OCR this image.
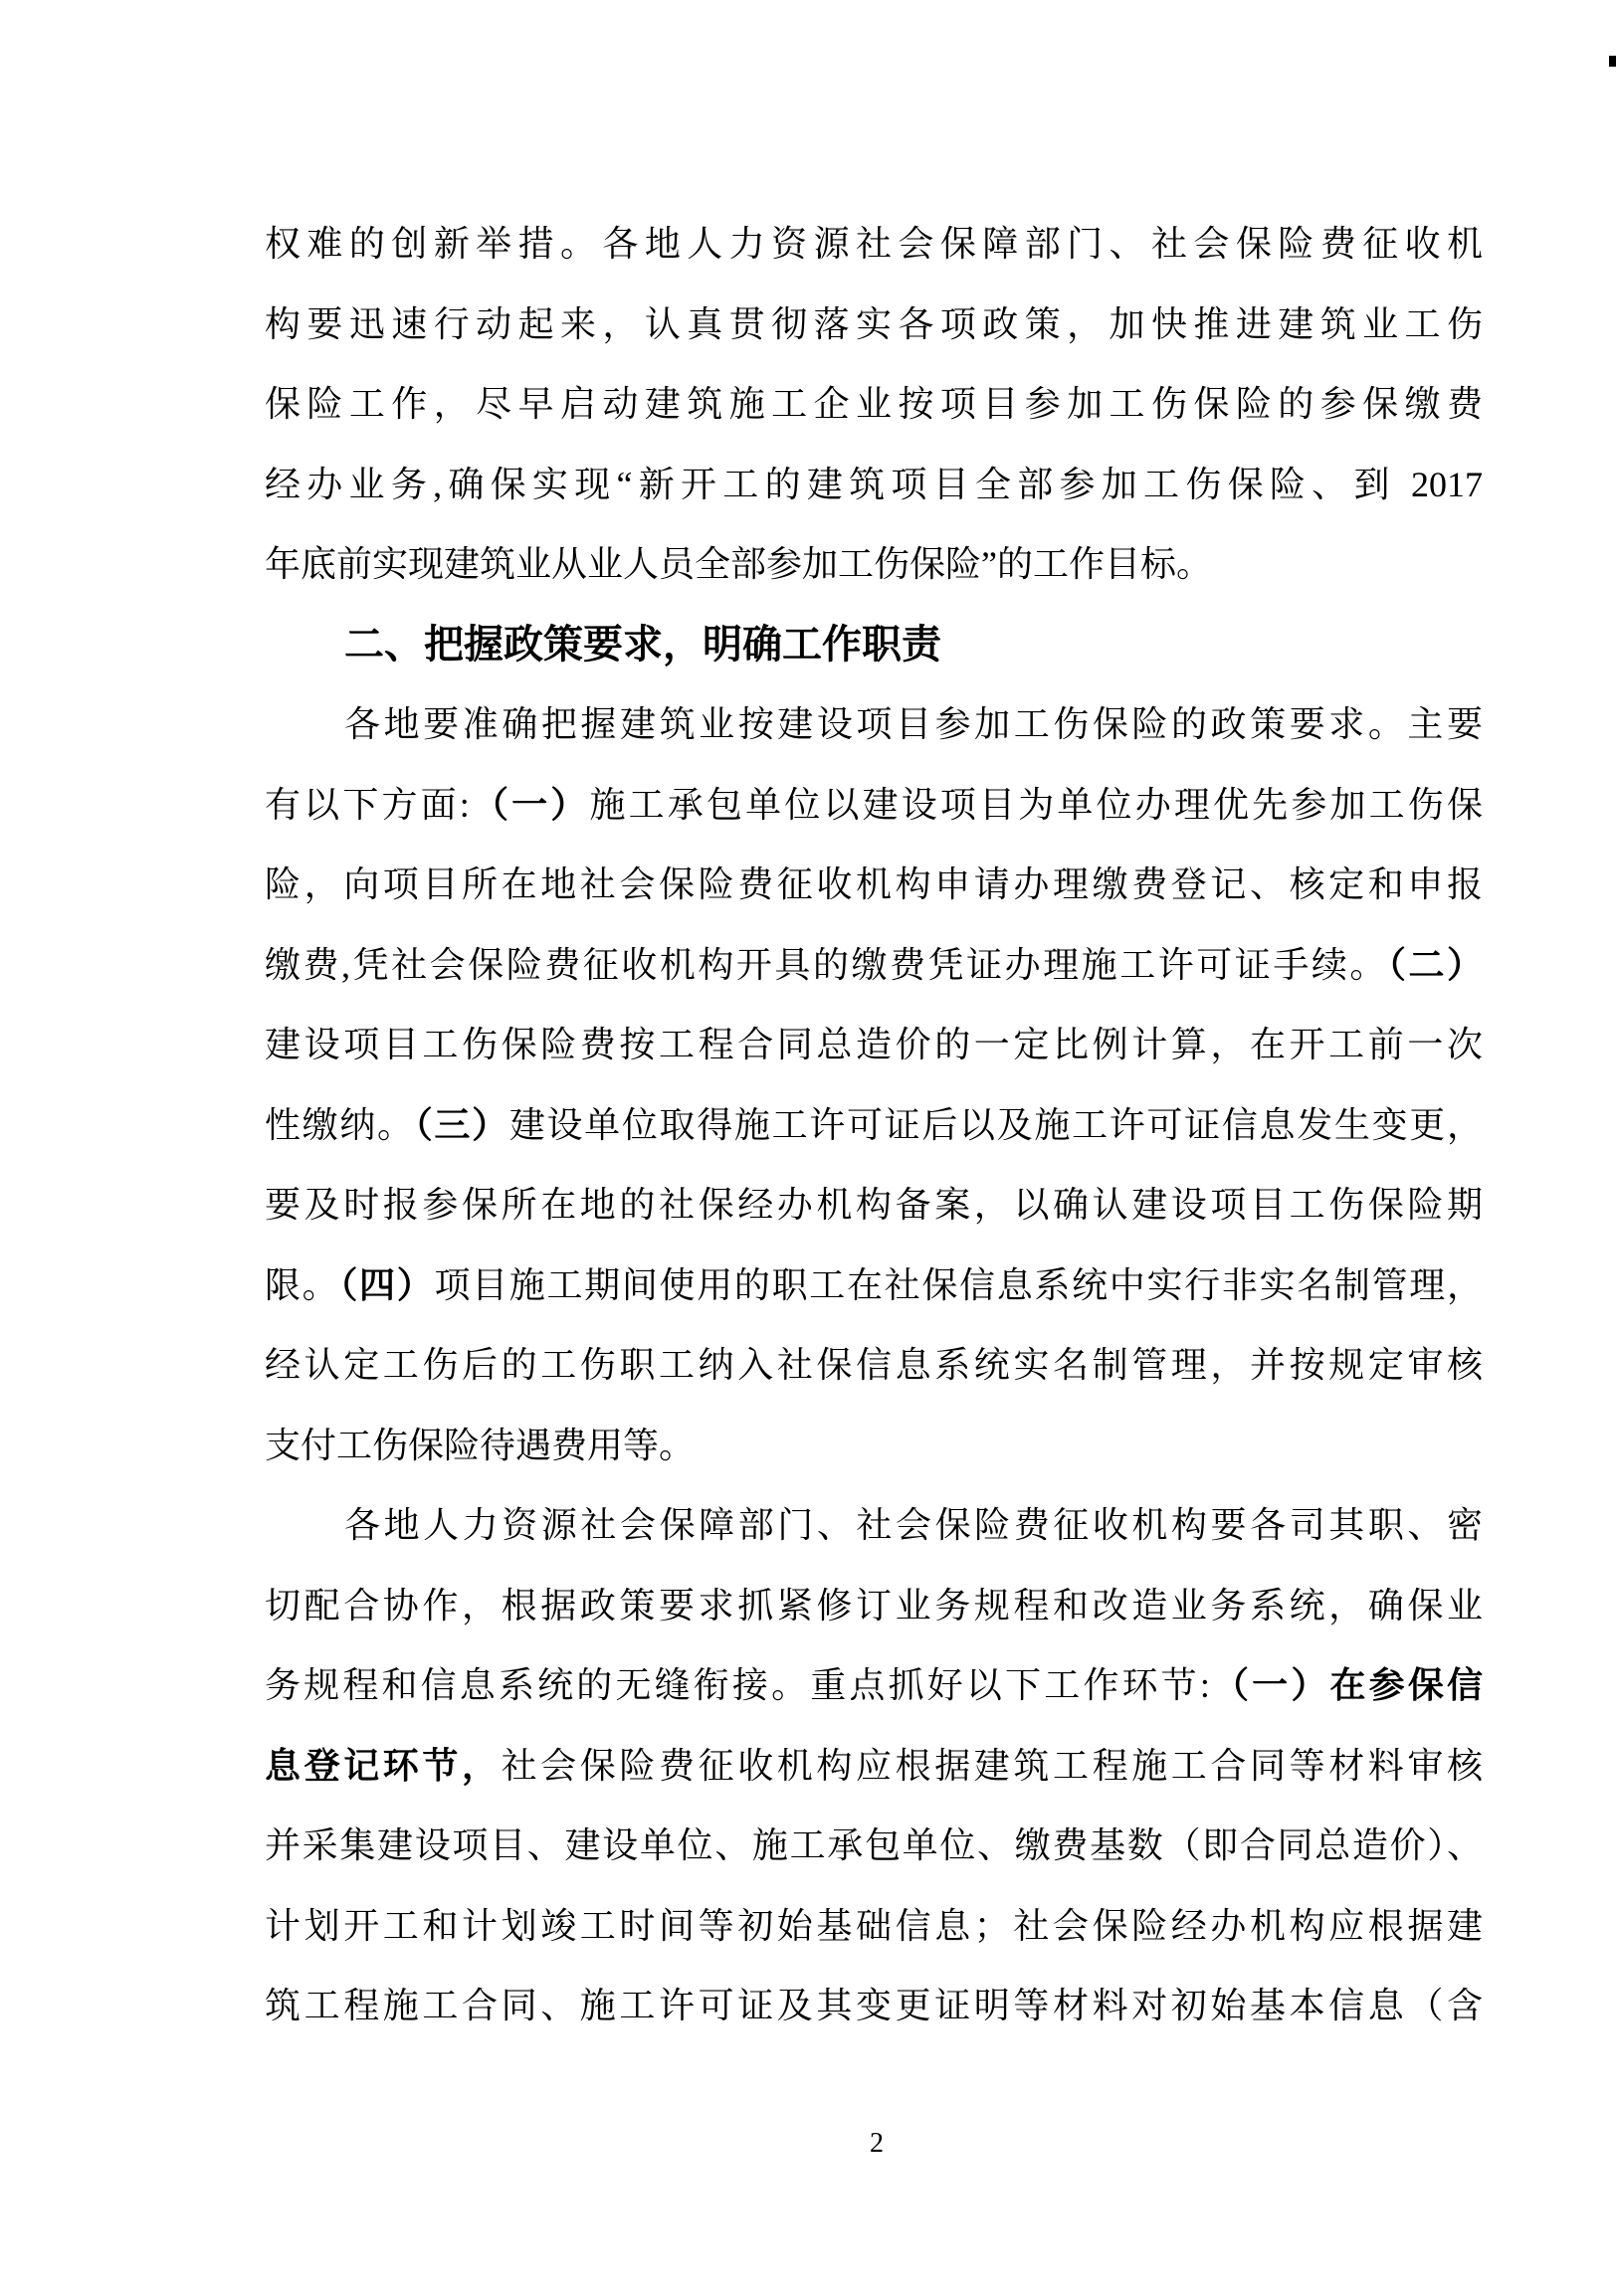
权难的创新举措。各地人力资源社会保障部门、社会保险费征收机
构要迅速行动起来，认真贯彻落实各项政策，加快推进建筑业工伤
保险工作，尽早启动建筑施工企业按项目参加工伤保险的参保缴费
经办业务,确保实现“新开工的建筑项目全部参加工伤保险、到 2017
年底前实现建筑业从业人员全部参加工伤保险”的工作目标。
二、把握政策要求，明确工作职责
各地要准确把握建筑业按建设项目参加工伤保险的政策要求。主要
有以下方面:（一）施工承包单位以建设项目为单位办理优先参加工伤保
险，向项目所在地社会保险费征收机构申请办理缴费登记、核定和申报
缴费,凭社会保险费征收机构开具的缴费凭证办理施工许可证手续。（二）
建设项目工伤保险费按工程合同总造价的一定比例计算，在开工前一次
性缴纳。（三）建设单位取得施工许可证后以及施工许可证信息发生变更，
要及时报参保所在地的社保经办机构备案，以确认建设项目工伤保险期
限。（四）项目施工期间使用的职工在社保信息系统中实行非实名制管理，
经认定工伤后的工伤职工纳入社保信息系统实名制管理，并按规定审核
支付工伤保险待遇费用等。
各地人力资源社会保障部门、社会保险费征收机构要各司其职、密
切配合协作，根据政策要求抓紧修订业务规程和改造业务系统，确保业
务规程和信息系统的无缝衔接。重点抓好以下工作环节:（一）在参保信
息登记环节，社会保险费征收机构应根据建筑工程施工合同等材料审核
并采集建设项目、建设单位、施工承包单位、缴费基数（即合同总造价）、
计划开工和计划竣工时间等初始基础信息；社会保险经办机构应根据建
筑工程施工合同、施工许可证及其变更证明等材料对初始基本信息（含
2
